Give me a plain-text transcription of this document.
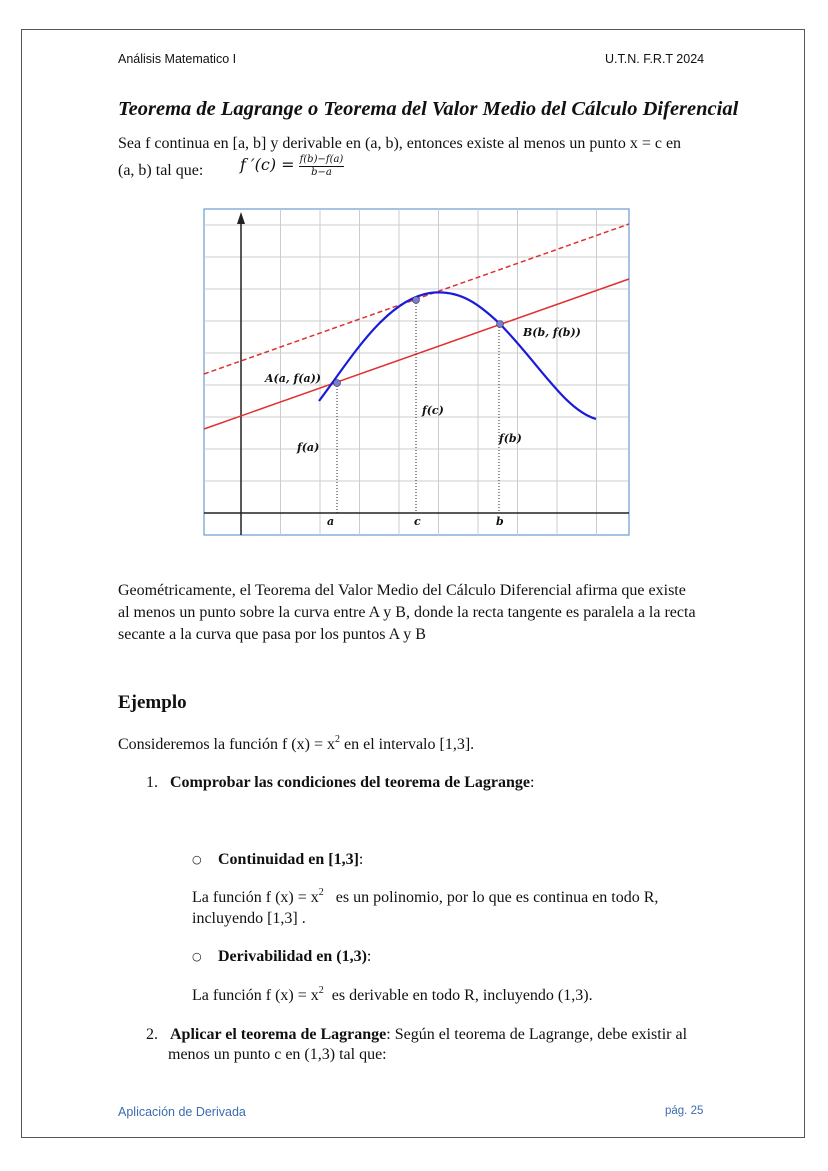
Análisis Matematico I	U.T.N. F.R.T 2024
Teorema de Lagrange o Teorema del Valor Medio del Cálculo Diferencial
Sea f continua en [a, b] y derivable en (a, b), entonces existe al menos un punto x = c en
(a, b) tal que: f $'(c) = \frac{f(b)-f(a)}{b-a}$
A(a, f(a))
B(b, f(b))
f(a)
f(c)
f(b)
a	c	b
Geométricamente, el Teorema del Valor Medio del Cálculo Diferencial afirma que existe
al menos un punto sobre la curva entre A y B, donde la recta tangente es paralela a la recta
secante a la curva que pasa por los puntos A y B
Ejemplo
Consideremos la función f $(x) = x^2$ en el intervalo [1,3].
1. Comprobar las condiciones del teorema de Lagrange:
○ Continuidad en [1,3]:
La función f $(x) = x^2$   es un polinomio, por lo que es continua en todo R,
incluyendo [1,3] .
○ Derivabilidad en (1,3):
La función f $(x) = x^2$  es derivable en todo R, incluyendo (1,3).
2. Aplicar el teorema de Lagrange: Según el teorema de Lagrange, debe existir al
menos un punto c en (1,3) tal que:
Aplicación de Derivada	pág. 25
